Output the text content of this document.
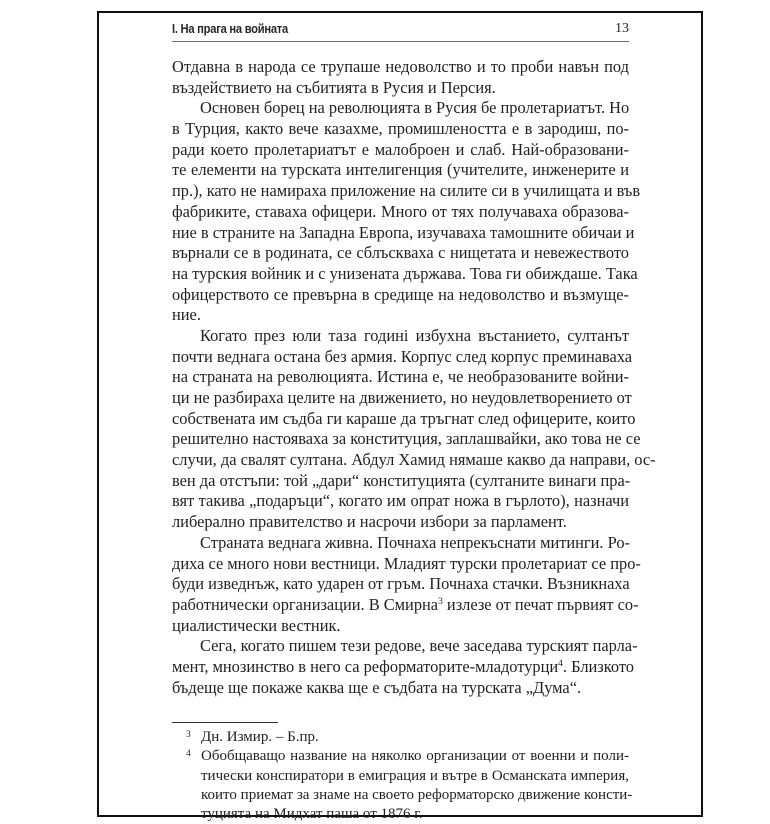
I. На прага на войната	13
Отдавна в народа се трупаше недоволство и то проби навън под
въздействието на събитията в Русия и Персия.
Основен борец на революцията в Русия бе пролетариатът. Но
в Турция, както вече казахме, промишлеността е в зародиш, по-
ради което пролетариатът е малоброен и слаб. Най-образовани-
те елементи на турската интелигенция (учителите, инженерите и
пр.), като не намираха приложение на силите си в училищата и във
фабриките, ставаха офицери. Много от тях получаваха образова-
ние в страните на Западна Европа, изучаваха тамошните обичаи и
върнали се в родината, се сблъскваха с нищетата и невежеството
на турския войник и с унизената държава. Това ги обиждаше. Така
офицерството се превърна в средище на недоволство и възмуще-
ние.
Когато през юли таза годинi избухна въстанието, султанът
почти веднага остана без армия. Корпус след корпус преминаваха
на страната на революцията. Истина е, че необразованите войни-
ци не разбираха целите на движението, но неудовлетворението от
собствената им съдба ги караше да тръгнат след офицерите, които
решително настояваха за конституция, заплашвайки, ако това не се
случи, да свалят султана. Абдул Хамид нямаше какво да направи, ос-
вен да отстъпи: той „дари“ конституцията (султаните винаги пра-
вят такива „подаръци“, когато им опрат ножа в гърлото), назначи
либерално правителство и насрочи избори за парламент.
Страната веднага живна. Почнаха непрекъснати митинги. Ро-
диха се много нови вестници. Младият турски пролетариат се про-
буди изведнъж, като ударен от гръм. Почнаха стачки. Възникнаха
работнически организации. В Смирна$^3$ излезе от печат първият со-
циалистически вестник.
Сега, когато пишем тези редове, вече заседава турският парла-
мент, мнозинство в него са реформаторите-младотурци$^4$. Близкото
бъдеще ще покаже каква ще е съдбата на турската „Дума“.
3 Дн. Измир. – Б.пр.
4 Обобщаващо название на няколко организации от военни и поли-
тически конспиратори в емиграция и вътре в Османската империя,
които приемат за знаме на своето реформаторско движение консти-
туцията на Мидхат паша от 1876 г.
